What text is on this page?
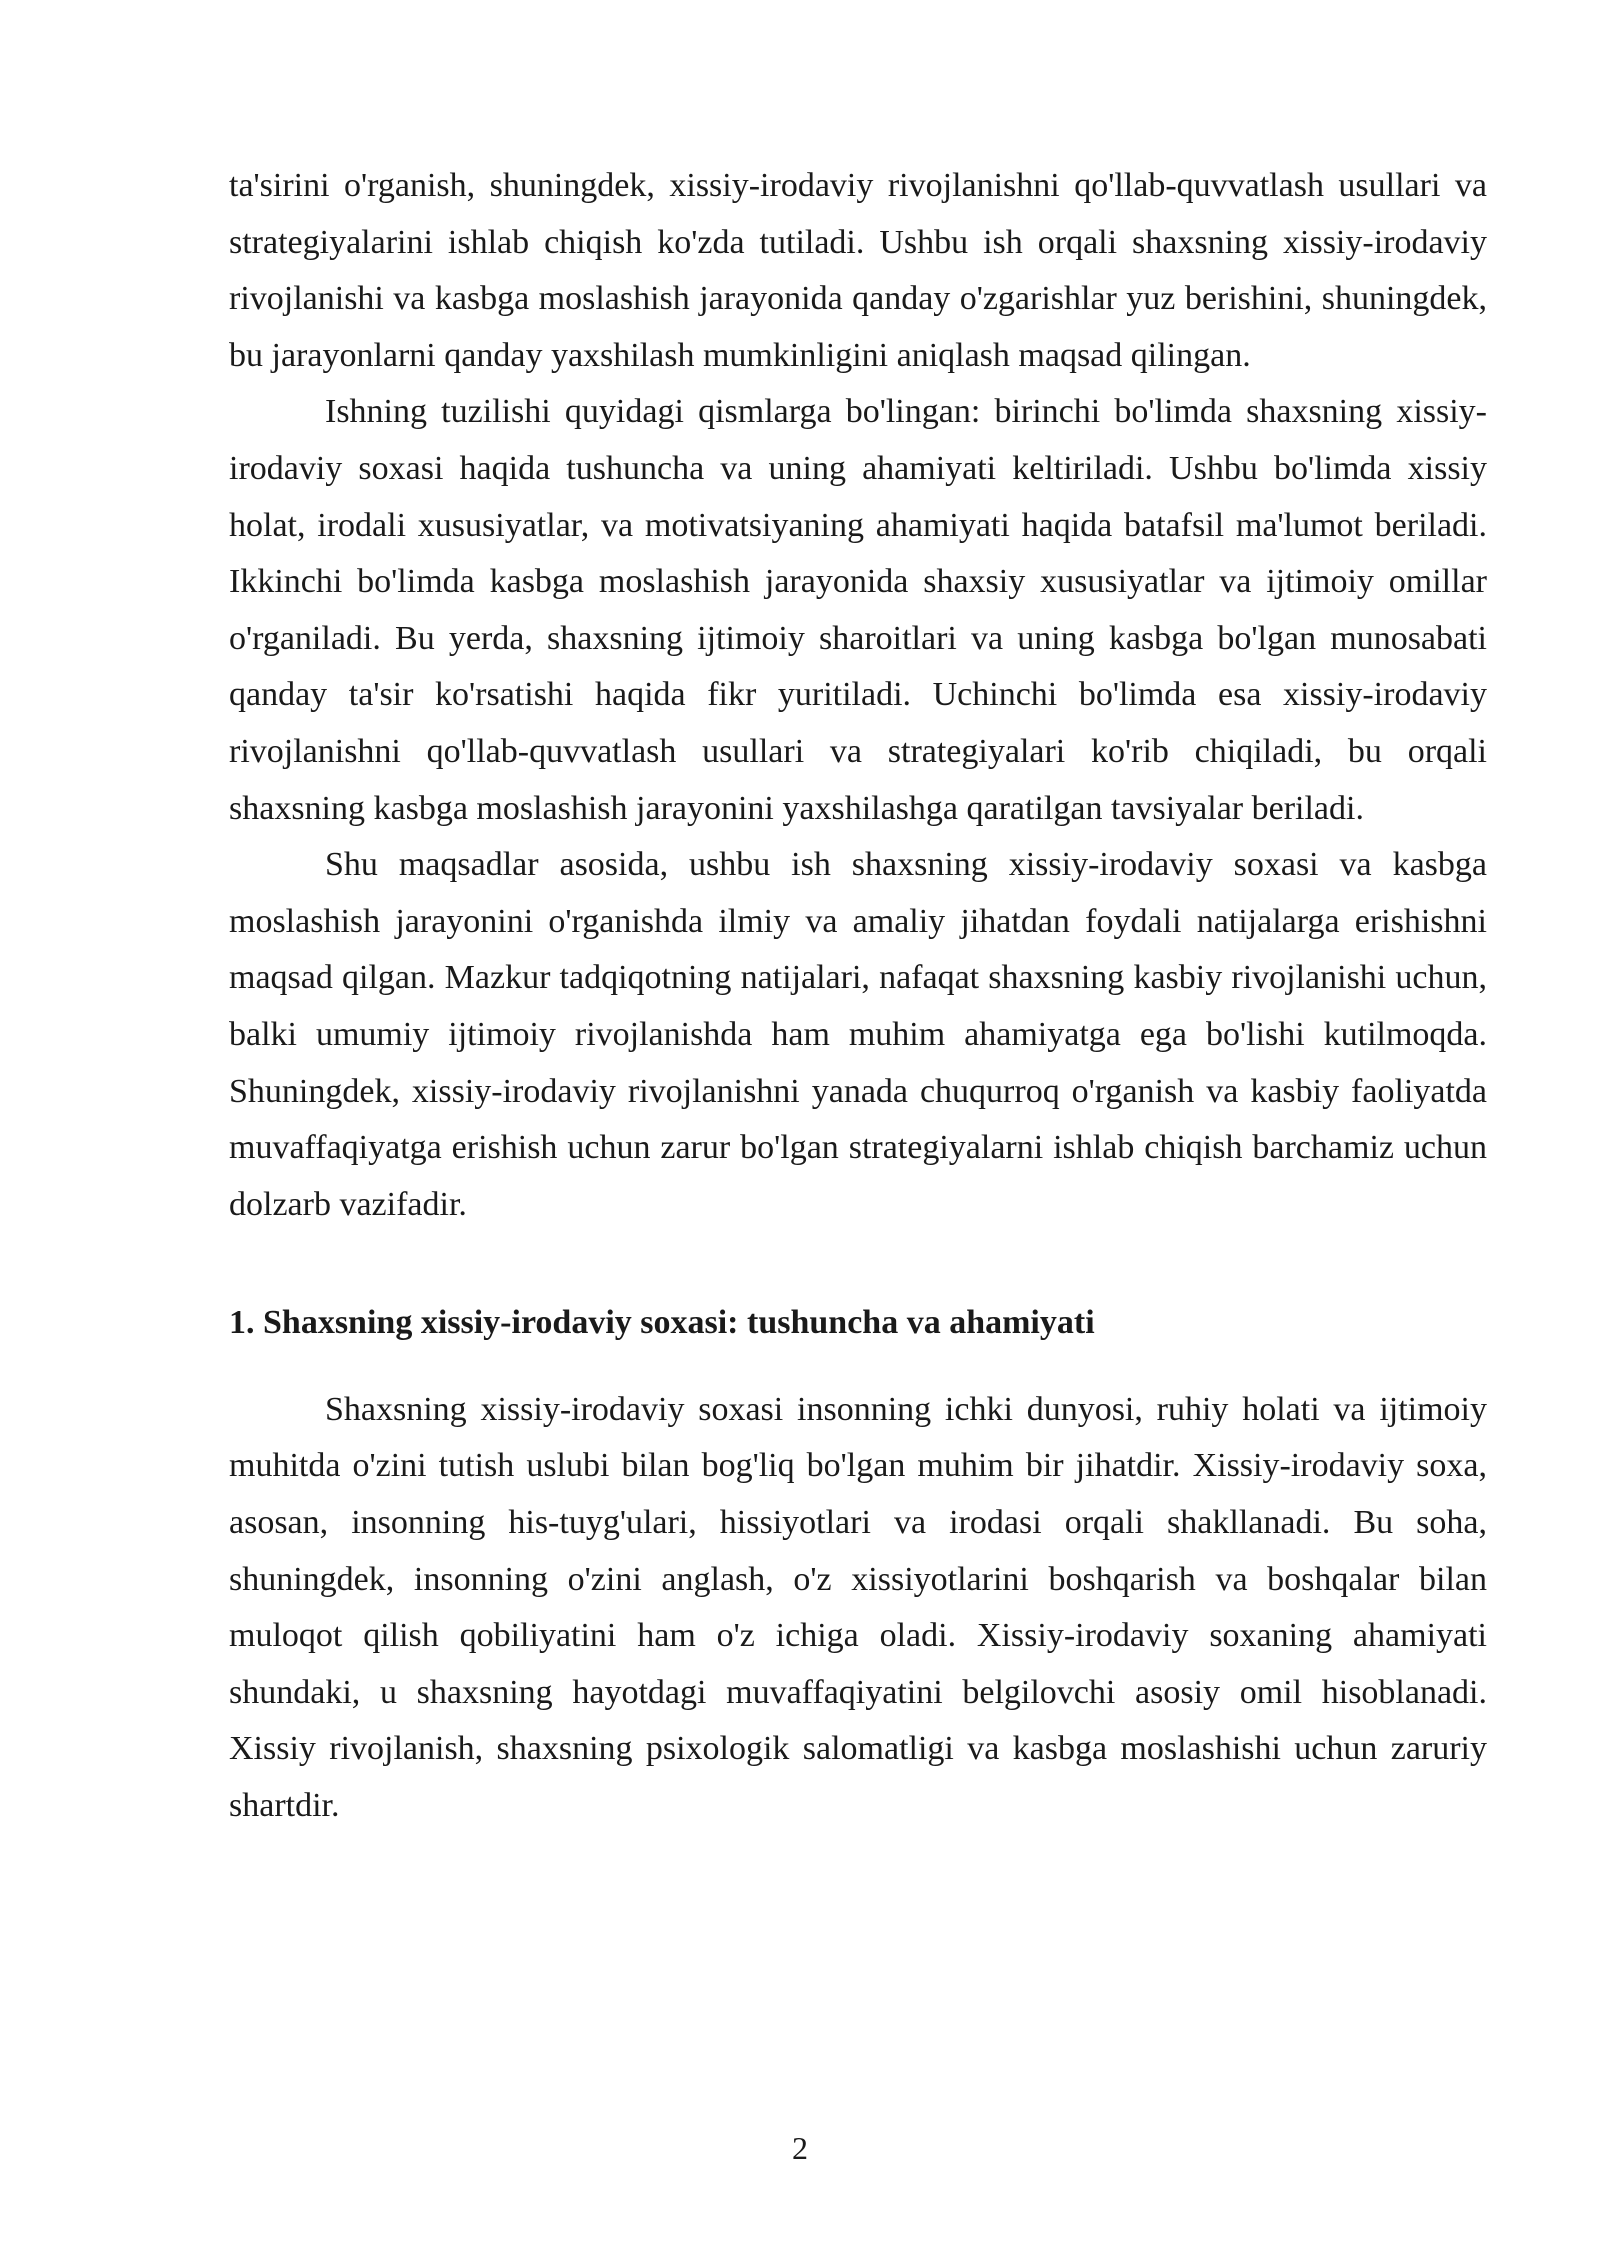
ta'sirini o'rganish, shuningdek, xissiy-irodaviy rivojlanishni qo'llab-quvvatlash usullari va strategiyalarini ishlab chiqish ko'zda tutiladi. Ushbu ish orqali shaxsning xissiy-irodaviy rivojlanishi va kasbga moslashish jarayonida qanday o'zgarishlar yuz berishini, shuningdek, bu jarayonlarni qanday yaxshilash mumkinligini aniqlash maqsad qilingan.

Ishning tuzilishi quyidagi qismlarga bo'lingan: birinchi bo'limda shaxsning xissiy-irodaviy soxasi haqida tushuncha va uning ahamiyati keltiriladi. Ushbu bo'limda xissiy holat, irodali xususiyatlar, va motivatsiyaning ahamiyati haqida batafsil ma'lumot beriladi. Ikkinchi bo'limda kasbga moslashish jarayonida shaxsiy xususiyatlar va ijtimoiy omillar o'rganiladi. Bu yerda, shaxsning ijtimoiy sharoitlari va uning kasbga bo'lgan munosabati qanday ta'sir ko'rsatishi haqida fikr yuritiladi. Uchinchi bo'limda esa xissiy-irodaviy rivojlanishni qo'llab-quvvatlash usullari va strategiyalari ko'rib chiqiladi, bu orqali shaxsning kasbga moslashish jarayonini yaxshilashga qaratilgan tavsiyalar beriladi.

Shu maqsadlar asosida, ushbu ish shaxsning xissiy-irodaviy soxasi va kasbga moslashish jarayonini o'rganishda ilmiy va amaliy jihatdan foydali natijalarga erishishni maqsad qilgan. Mazkur tadqiqotning natijalari, nafaqat shaxsning kasbiy rivojlanishi uchun, balki umumiy ijtimoiy rivojlanishda ham muhim ahamiyatga ega bo'lishi kutilmoqda. Shuningdek, xissiy-irodaviy rivojlanishni yanada chuqurroq o'rganish va kasbiy faoliyatda muvaffaqiyatga erishish uchun zarur bo'lgan strategiyalarni ishlab chiqish barchamiz uchun dolzarb vazifadir.

1. Shaxsning xissiy-irodaviy soxasi: tushuncha va ahamiyati

Shaxsning xissiy-irodaviy soxasi insonning ichki dunyosi, ruhiy holati va ijtimoiy muhitda o'zini tutish uslubi bilan bog'liq bo'lgan muhim bir jihatdir. Xissiy-irodaviy soxa, asosan, insonning his-tuyg'ulari, hissiyotlari va irodasi orqali shakllanadi. Bu soha, shuningdek, insonning o'zini anglash, o'z xissiyotlarini boshqarish va boshqalar bilan muloqot qilish qobiliyatini ham o'z ichiga oladi. Xissiy-irodaviy soxaning ahamiyati shundaki, u shaxsning hayotdagi muvaffaqiyatini belgilovchi asosiy omil hisoblanadi. Xissiy rivojlanish, shaxsning psixologik salomatligi va kasbga moslashishi uchun zaruriy shartdir.

2
